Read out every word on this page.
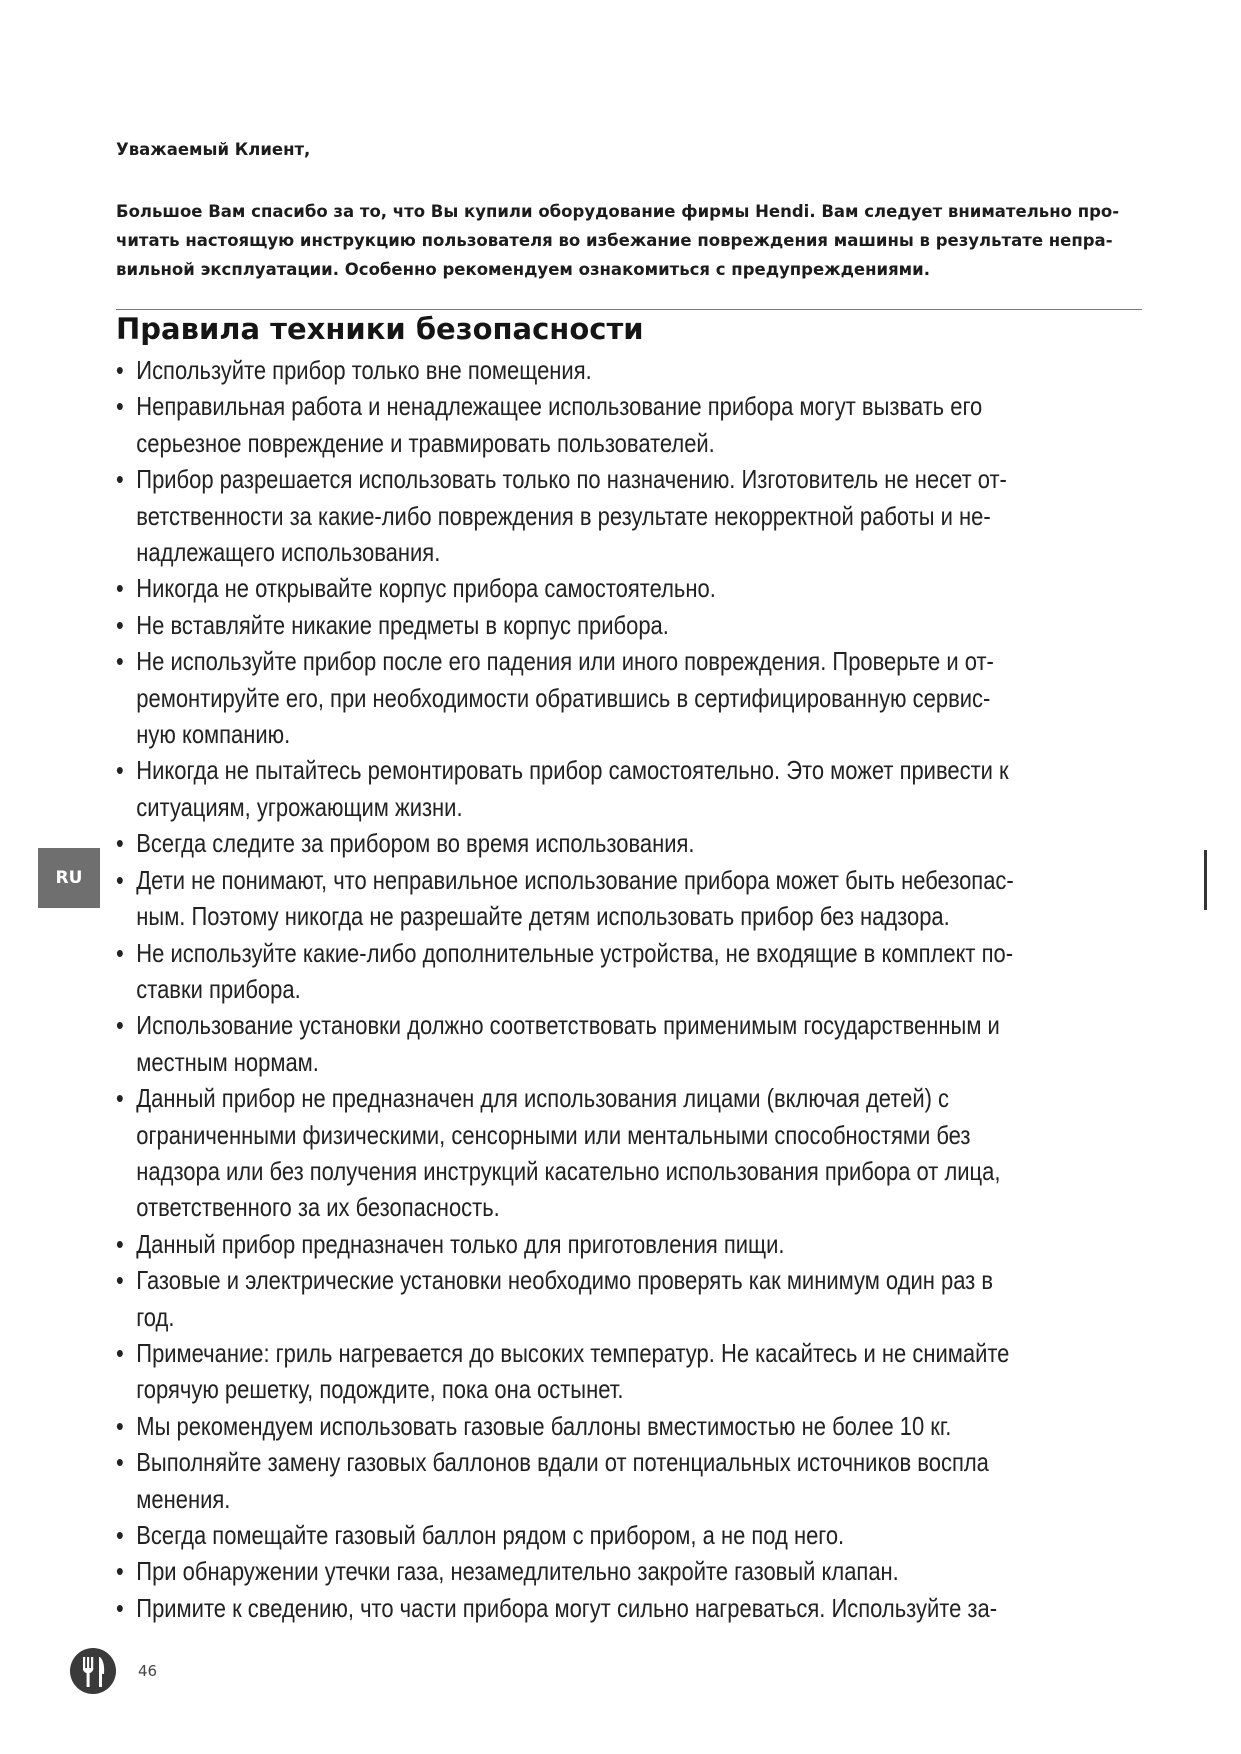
Уважаемый Клиент,
Большое Вам спасибо за то, что Вы купили оборудование фирмы Hendi. Вам следует внимательно про-
читать настоящую инструкцию пользователя во избежание повреждения машины в результате непра-
вильной эксплуатации. Особенно рекомендуем ознакомиться с предупреждениями.
Правила техники безопасности
• Используйте прибор только вне помещения.
• Неправильная работа и ненадлежащее использование прибора могут вызвать его
серьезное повреждение и травмировать пользователей.
• Прибор разрешается использовать только по назначению. Изготовитель не несет от-
ветственности за какие-либо повреждения в результате некорректной работы и не-
надлежащего использования.
• Никогда не открывайте корпус прибора самостоятельно.
• Не вставляйте никакие предметы в корпус прибора.
• Не используйте прибор после его падения или иного повреждения. Проверьте и от-
ремонтируйте его, при необходимости обратившись в сертифицированную сервис-
ную компанию.
• Никогда не пытайтесь ремонтировать прибор самостоятельно. Это может привести к
ситуациям, угрожающим жизни.
• Всегда следите за прибором во время использования.
• Дети не понимают, что неправильное использование прибора может быть небезопас-
ным. Поэтому никогда не разрешайте детям использовать прибор без надзора.
• Не используйте какие-либо дополнительные устройства, не входящие в комплект по-
ставки прибора.
• Использование установки должно соответствовать применимым государственным и
местным нормам.
• Данный прибор не предназначен для использования лицами (включая детей) с
ограниченными физическими, сенсорными или ментальными способностями без
надзора или без получения инструкций касательно использования прибора от лица,
ответственного за их безопасность.
• Данный прибор предназначен только для приготовления пищи.
• Газовые и электрические установки необходимо проверять как минимум один раз в
год.
• Примечание: гриль нагревается до высоких температур. Не касайтесь и не снимайте
горячую решетку, подождите, пока она остынет.
• Мы рекомендуем использовать газовые баллоны вместимостью не более 10 кг.
• Выполняйте замену газовых баллонов вдали от потенциальных источников воспла
менения.
• Всегда помещайте газовый баллон рядом с прибором, а не под него.
• При обнаружении утечки газа, незамедлительно закройте газовый клапан.
• Примите к сведению, что части прибора могут сильно нагреваться. Используйте за-
RU
46
